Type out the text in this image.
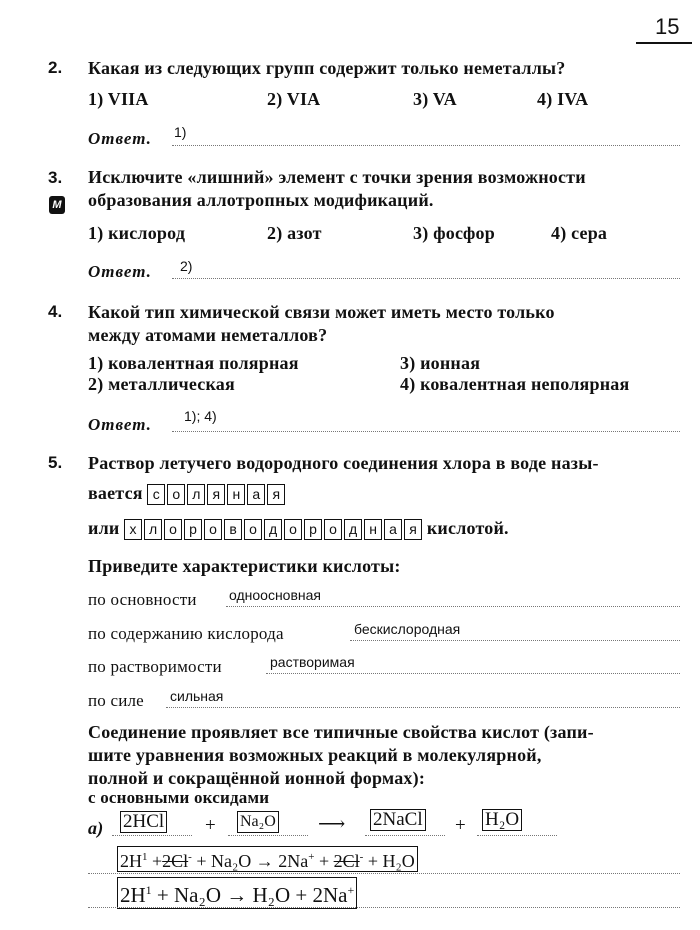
15
2. Какая из следующих групп содержит только неметаллы?
1) VIIA	2) VIA	3) VA	4) IVA
Ответ. 1)
3. Исключите «лишний» элемент с точки зрения возможности
образования аллотропных модификаций.
M
1) кислород	2) азот	3) фосфор	4) сера
Ответ. 2)
4. Какой тип химической связи может иметь место только
между атомами неметаллов?
1) ковалентная полярная	3) ионная
2) металлическая	4) ковалентная неполярная
Ответ. 1); 4)
5. Раствор летучего водородного соединения хлора в воде назы-
вается с о л я н а я
или х л о р о в о д о р о д н а я кислотой.
Приведите характеристики кислоты:
по основности одноосновная
по содержанию кислорода	бескислородная
по растворимости	растворимая
по силе сильная
Соединение проявляет все типичные свойства кислот (запи-
шите уравнения возможных реакций в молекулярной,
полной и сокращённой ионной формах):
с основными оксидами
а) 2HCl + Na₂O ⟶ 2NaCl + H₂O
$2H^1 +2Cl^- + Na_2O \to 2Na^+ + 2Cl^- + H_2O$
$2H^1 + Na_2O \to H_2O + 2Na^+$
